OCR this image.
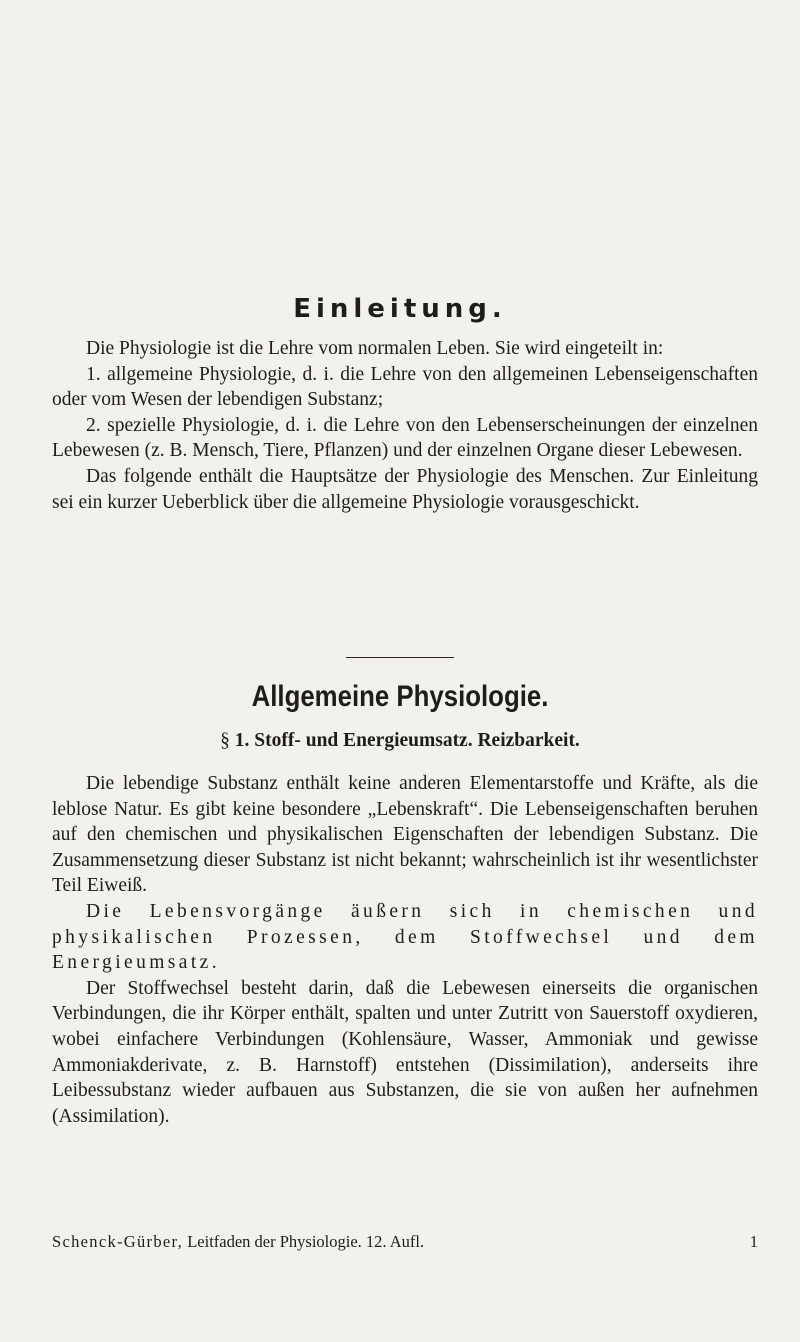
Einleitung.

Die Physiologie ist die Lehre vom normalen Leben. Sie wird eingeteilt in:

1. allgemeine Physiologie, d. i. die Lehre von den allgemeinen Lebenseigenschaften oder vom Wesen der lebendigen Substanz;

2. spezielle Physiologie, d. i. die Lehre von den Lebenserscheinungen der einzelnen Lebewesen (z. B. Mensch, Tiere, Pflanzen) und der einzelnen Organe dieser Lebewesen.

Das folgende enthält die Hauptsätze der Physiologie des Menschen. Zur Einleitung sei ein kurzer Ueberblick über die allgemeine Physiologie vorausgeschickt.

Allgemeine Physiologie.
§ 1. Stoff- und Energieumsatz. Reizbarkeit.

Die lebendige Substanz enthält keine anderen Elementarstoffe und Kräfte, als die leblose Natur. Es gibt keine besondere „Lebenskraft“. Die Lebenseigenschaften beruhen auf den chemischen und physikalischen Eigenschaften der lebendigen Substanz. Die Zusammensetzung dieser Substanz ist nicht bekannt; wahrscheinlich ist ihr wesentlichster Teil Eiweiß.

Die Lebensvorgänge äußern sich in chemischen und physikalischen Prozessen, dem Stoffwechsel und dem Energieumsatz.

Der Stoffwechsel besteht darin, daß die Lebewesen einerseits die organischen Verbindungen, die ihr Körper enthält, spalten und unter Zutritt von Sauerstoff oxydieren, wobei einfachere Verbindungen (Kohlensäure, Wasser, Ammoniak und gewisse Ammoniakderivate, z. B. Harnstoff) entstehen (Dissimilation), anderseits ihre Leibessubstanz wieder aufbauen aus Substanzen, die sie von außen her aufnehmen (Assimilation).

Schenck-Gürber, Leitfaden der Physiologie. 12. Aufl.	1
